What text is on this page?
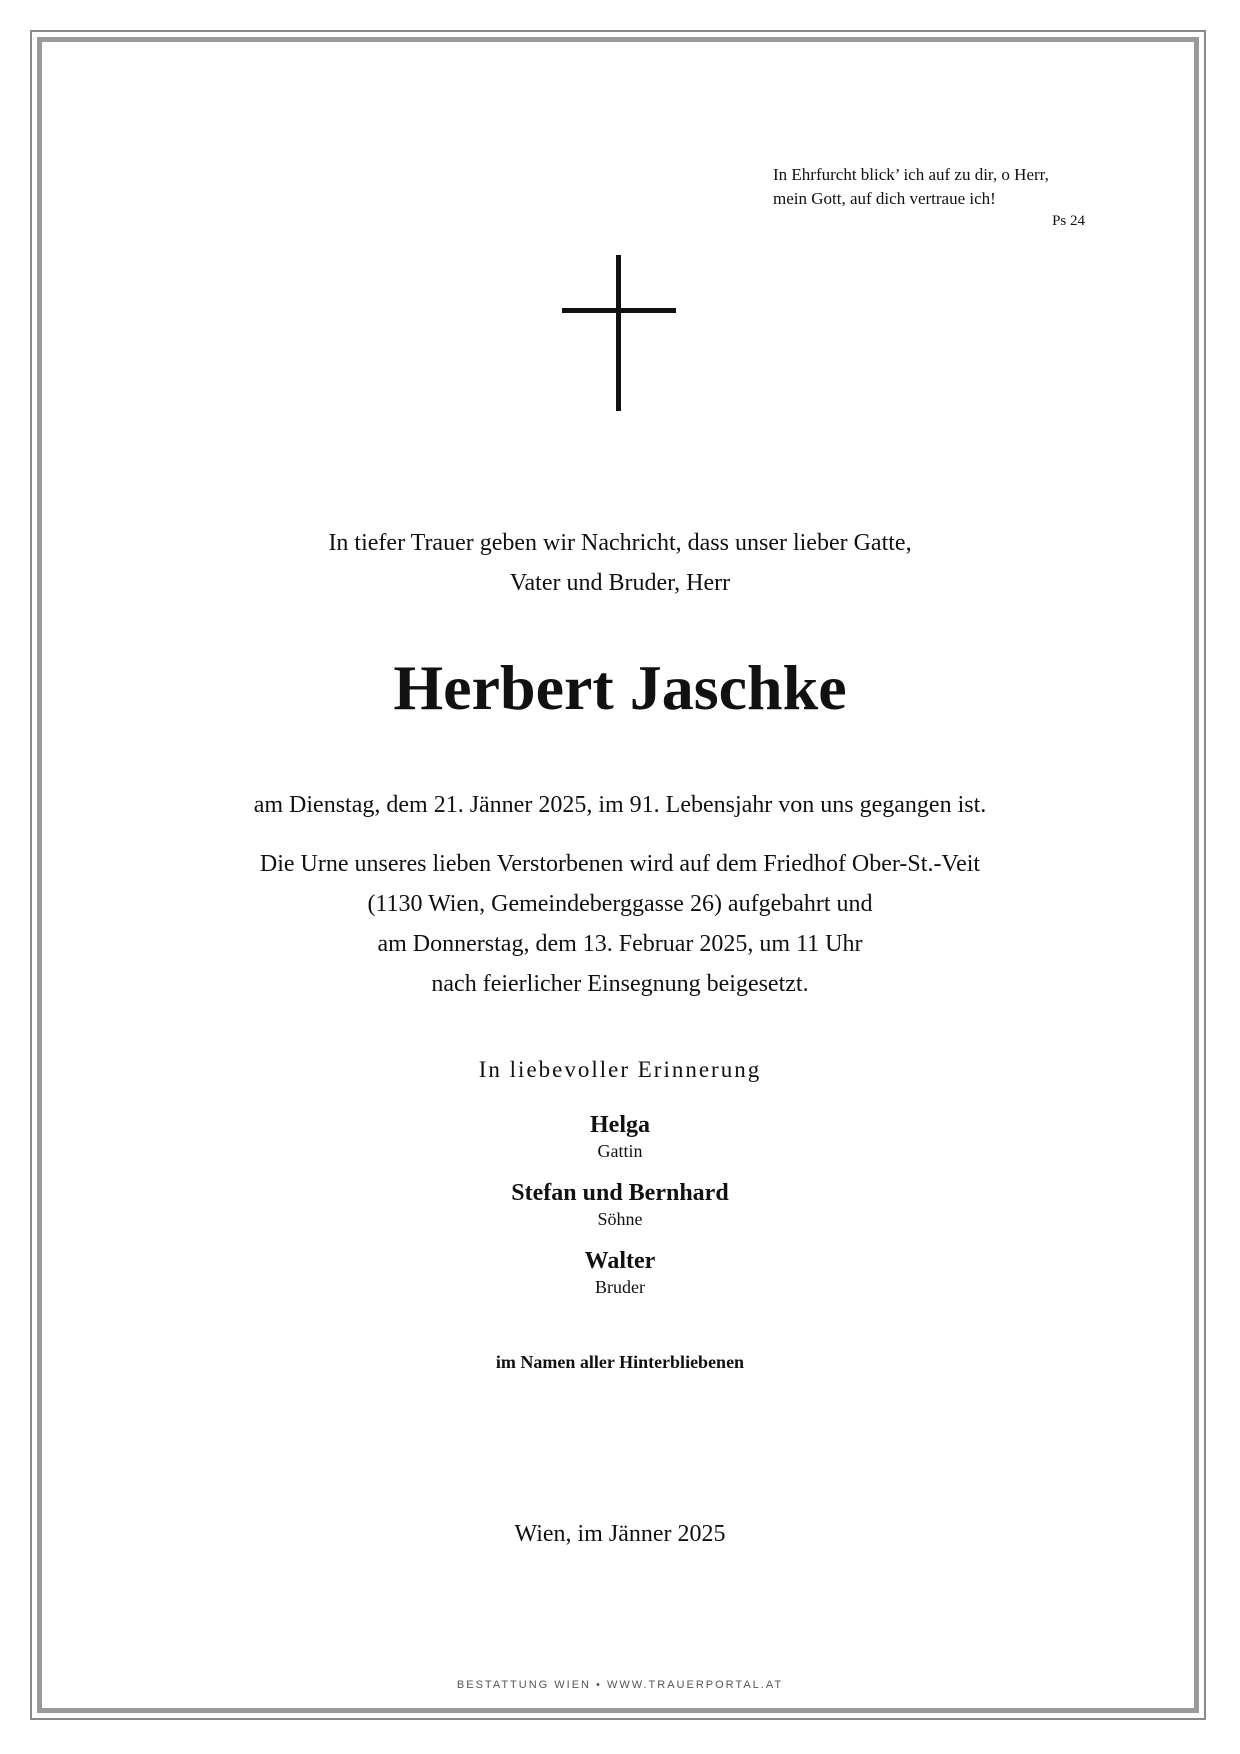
In Ehrfurcht blick’ ich auf zu dir, o Herr,
mein Gott, auf dich vertraue ich!
Ps 24
In tiefer Trauer geben wir Nachricht, dass unser lieber Gatte,
Vater und Bruder, Herr
Herbert Jaschke
am Dienstag, dem 21. Jänner 2025, im 91. Lebensjahr von uns gegangen ist.
Die Urne unseres lieben Verstorbenen wird auf dem Friedhof Ober-St.-Veit
(1130 Wien, Gemeindeberggasse 26) aufgebahrt und
am Donnerstag, dem 13. Februar 2025, um 11 Uhr
nach feierlicher Einsegnung beigesetzt.
In liebevoller Erinnerung
Helga
Gattin
Stefan und Bernhard
Söhne
Walter
Bruder
im Namen aller Hinterbliebenen
Wien, im Jänner 2025
BESTATTUNG WIEN • WWW.TRAUERPORTAL.AT
